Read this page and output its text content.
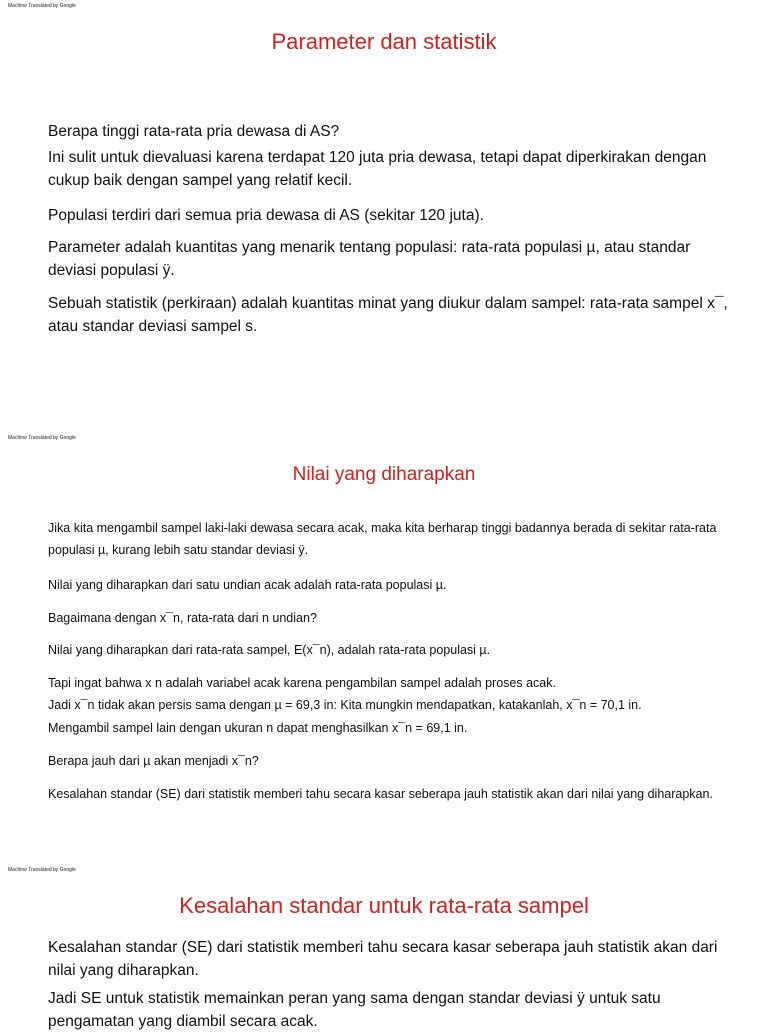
Machine Translated by Google
Parameter dan statistik

Berapa tinggi rata-rata pria dewasa di AS?

Ini sulit untuk dievaluasi karena terdapat 120 juta pria dewasa, tetapi dapat diperkirakan dengan cukup baik dengan sampel yang relatif kecil.

Populasi terdiri dari semua pria dewasa di AS (sekitar 120 juta).

Parameter adalah kuantitas yang menarik tentang populasi: rata-rata populasi µ, atau standar deviasi populasi ÿ.

Sebuah statistik (perkiraan) adalah kuantitas minat yang diukur dalam sampel: rata-rata sampel x¯, atau standar deviasi sampel s.

Machine Translated by Google
Nilai yang diharapkan

Jika kita mengambil sampel laki-laki dewasa secara acak, maka kita berharap tinggi badannya berada di sekitar rata-rata populasi µ, kurang lebih satu standar deviasi ÿ.

Nilai yang diharapkan dari satu undian acak adalah rata-rata populasi µ.

Bagaimana dengan x¯n, rata-rata dari n undian?

Nilai yang diharapkan dari rata-rata sampel, E(x¯n), adalah rata-rata populasi µ.

Tapi ingat bahwa x n adalah variabel acak karena pengambilan sampel adalah proses acak.

Jadi x¯n tidak akan persis sama dengan µ = 69,3 in: Kita mungkin mendapatkan, katakanlah, x¯n = 70,1 in.

Mengambil sampel lain dengan ukuran n dapat menghasilkan x¯n = 69,1 in.

Berapa jauh dari µ akan menjadi x¯n?

Kesalahan standar (SE) dari statistik memberi tahu secara kasar seberapa jauh statistik akan dari nilai yang diharapkan.

Machine Translated by Google
Kesalahan standar untuk rata-rata sampel

Kesalahan standar (SE) dari statistik memberi tahu secara kasar seberapa jauh statistik akan dari nilai yang diharapkan.

Jadi SE untuk statistik memainkan peran yang sama dengan standar deviasi ÿ untuk satu pengamatan yang diambil secara acak.
